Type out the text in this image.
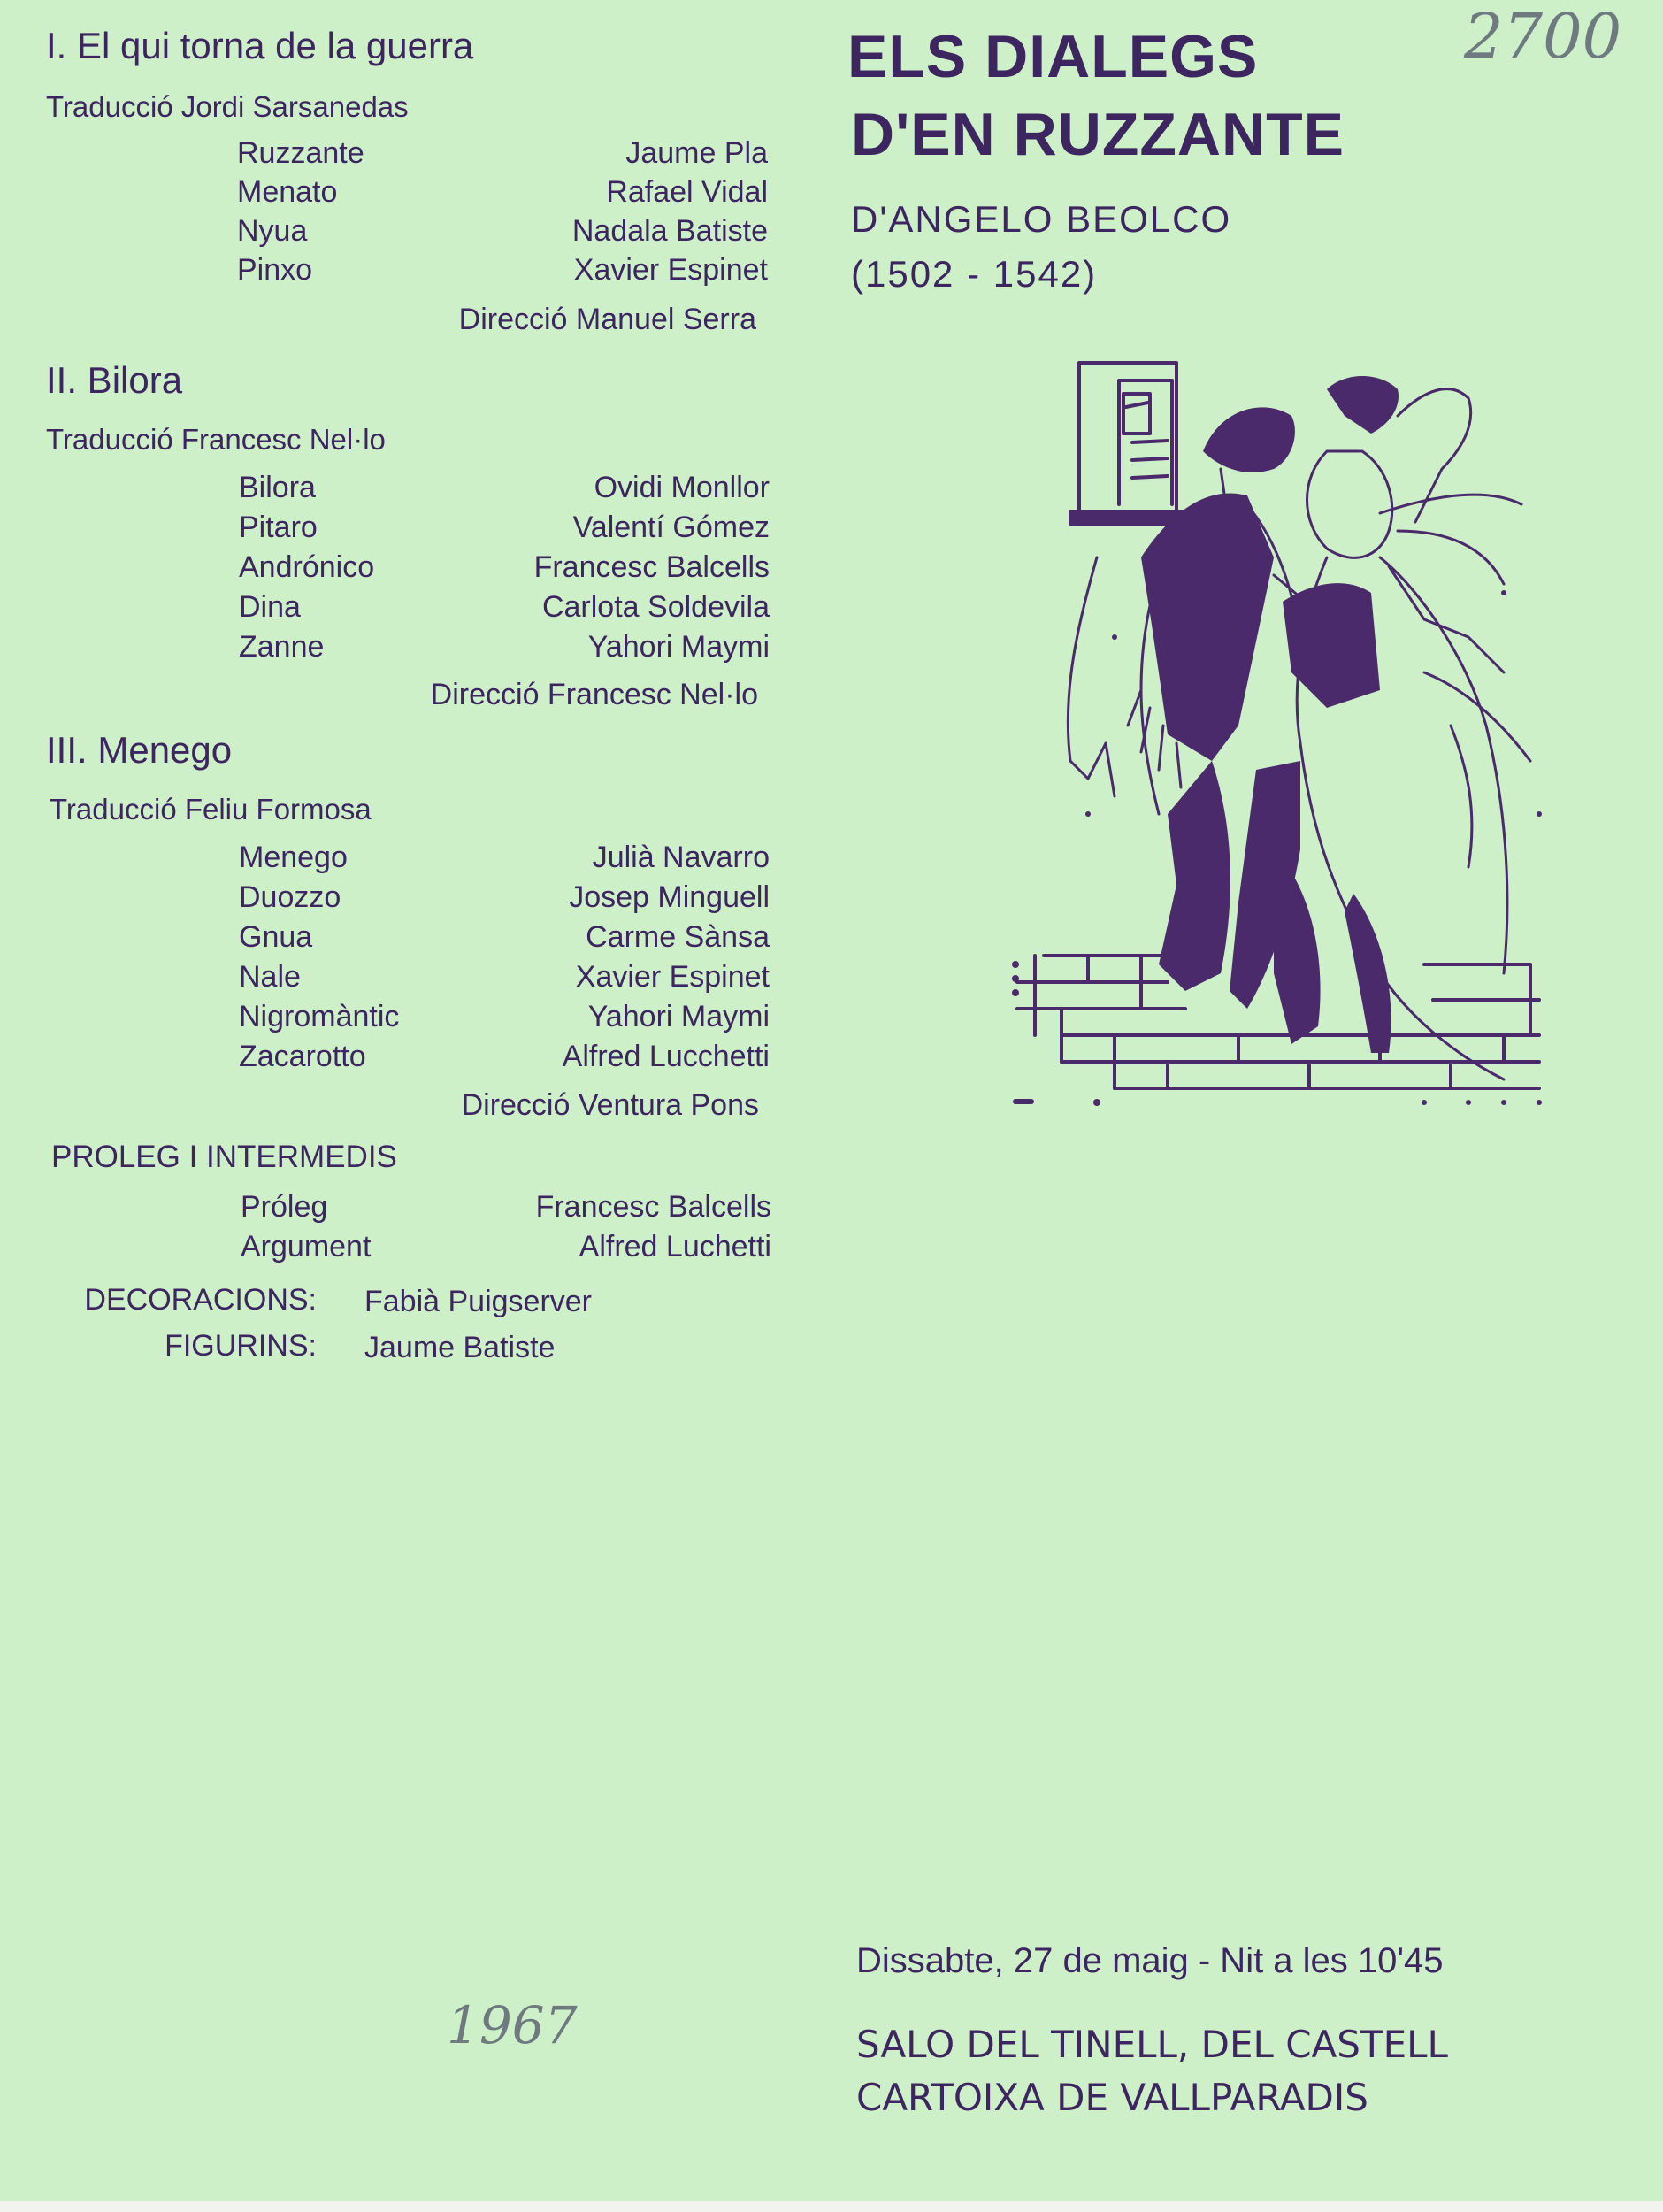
2700
1967
I. El qui torna de la guerra
Traducció Jordi Sarsanedas
Ruzzante	Jaume Pla
Menato	Rafael Vidal
Nyua	Nadala Batiste
Pinxo	Xavier Espinet
Direcció Manuel Serra
II. Bilora
Traducció Francesc Nel·lo
Bilora	Ovidi Monllor
Pitaro	Valentí Gómez
Andrónico	Francesc Balcells
Dina	Carlota Soldevila
Zanne	Yahori Maymi
Direcció Francesc Nel·lo
III. Menego
Traducció Feliu Formosa
Menego	Julià Navarro
Duozzo	Josep Minguell
Gnua	Carme Sànsa
Nale	Xavier Espinet
Nigromàntic	Yahori Maymi
Zacarotto	Alfred Lucchetti
Direcció Ventura Pons
PROLEG I INTERMEDIS
Próleg	Francesc Balcells
Argument	Alfred Luchetti
DECORACIONS: Fabià Puigserver
FIGURINS: Jaume Batiste
ELS DIALEGS
D'EN RUZZANTE
D'ANGELO BEOLCO
(1502 - 1542)
Dissabte, 27 de maig - Nit a les 10'45
SALO DEL TINELL, DEL CASTELL
CARTOIXA DE VALLPARADIS
